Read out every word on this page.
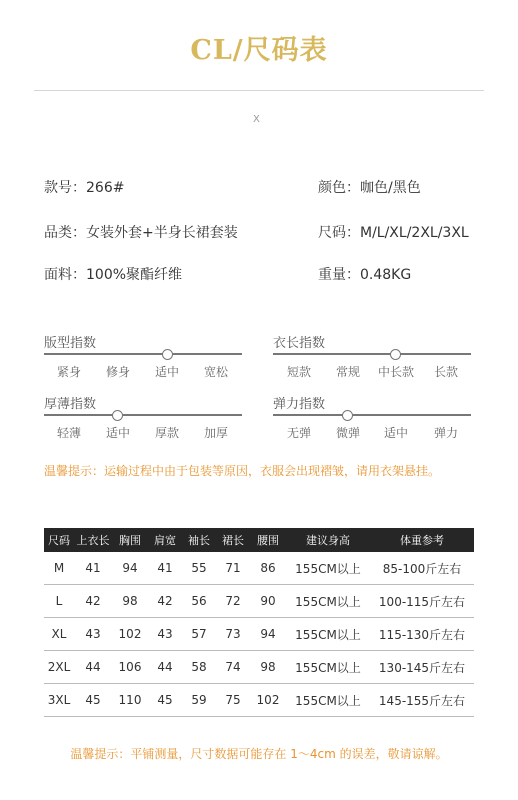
CL/尺码表
X
款号：266#	颜色：咖色/黑色
品类：女装外套+半身长裙套装	尺码：M/L/XL/2XL/3XL
面料：100%聚酯纤维	重量：0.48KG
版型指数
紧身 修身 适中 宽松
衣长指数
短款 常规 中长款 长款
厚薄指数
轻薄 适中 厚款 加厚
弹力指数
无弹 微弹 适中 弹力
温馨提示：运输过程中由于包装等原因，衣服会出现褶皱，请用衣架悬挂。
尺码	上衣长	胸围	肩宽	袖长	裙长	腰围	建议身高	体重参考
M	41	94	41	55	71	86	155CM以上	85-100斤左右
L	42	98	42	56	72	90	155CM以上	100-115斤左右
XL	43	102	43	57	73	94	155CM以上	115-130斤左右
2XL	44	106	44	58	74	98	155CM以上	130-145斤左右
3XL	45	110	45	59	75	102	155CM以上	145-155斤左右
温馨提示：平铺测量，尺寸数据可能存在 1～4cm 的误差，敬请谅解。
